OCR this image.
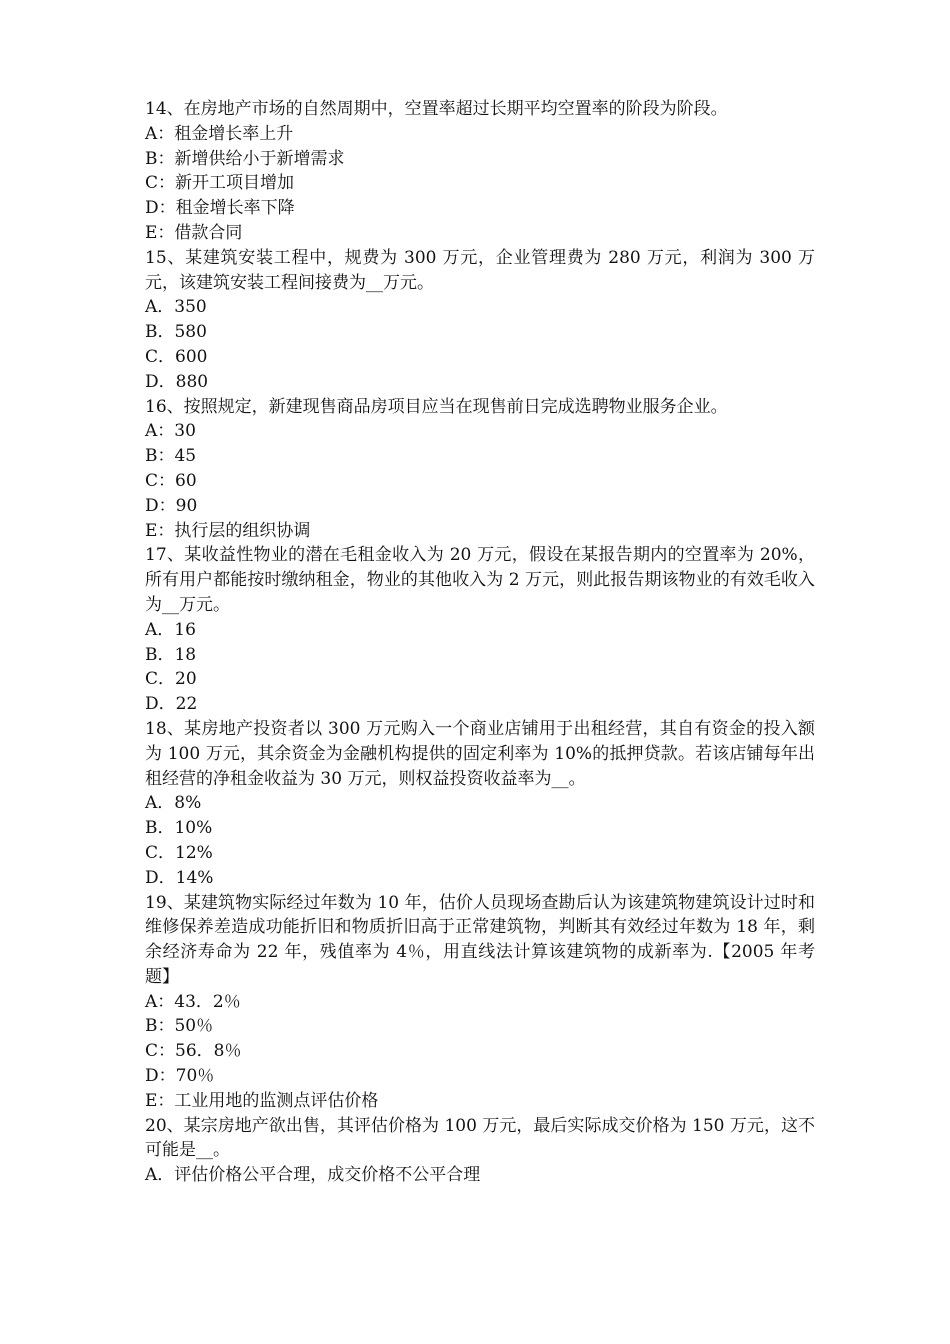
14、在房地产市场的自然周期中，空置率超过长期平均空置率的阶段为阶段。

A：租金增长率上升

B：新增供给小于新增需求

C：新开工项目增加

D：租金增长率下降

E：借款合同

15、某建筑安装工程中，规费为 300 万元，企业管理费为 280 万元，利润为 300 万元，该建筑安装工程间接费为__万元。

A．350

B．580

C．600

D．880

16、按照规定，新建现售商品房项目应当在现售前日完成选聘物业服务企业。

A：30

B：45

C：60

D：90

E：执行层的组织协调

17、某收益性物业的潜在毛租金收入为 20 万元，假设在某报告期内的空置率为 20%，所有用户都能按时缴纳租金，物业的其他收入为 2 万元，则此报告期该物业的有效毛收入为__万元。

A．16

B．18

C．20

D．22

18、某房地产投资者以 300 万元购入一个商业店铺用于出租经营，其自有资金的投入额为 100 万元，其余资金为金融机构提供的固定利率为 10%的抵押贷款。若该店铺每年出租经营的净租金收益为 30 万元，则权益投资收益率为__。

A．8%

B．10%

C．12%

D．14%

19、某建筑物实际经过年数为 10 年，估价人员现场查勘后认为该建筑物建筑设计过时和维修保养差造成功能折旧和物质折旧高于正常建筑物，判断其有效经过年数为 18 年，剩余经济寿命为 22 年，残值率为 4％，用直线法计算该建筑物的成新率为.【2005 年考题】

A：43．2％

B：50％

C：56．8％

D：70％

E：工业用地的监测点评估价格

20、某宗房地产欲出售，其评估价格为 100 万元，最后实际成交价格为 150 万元，这不可能是__。

A．评估价格公平合理，成交价格不公平合理
